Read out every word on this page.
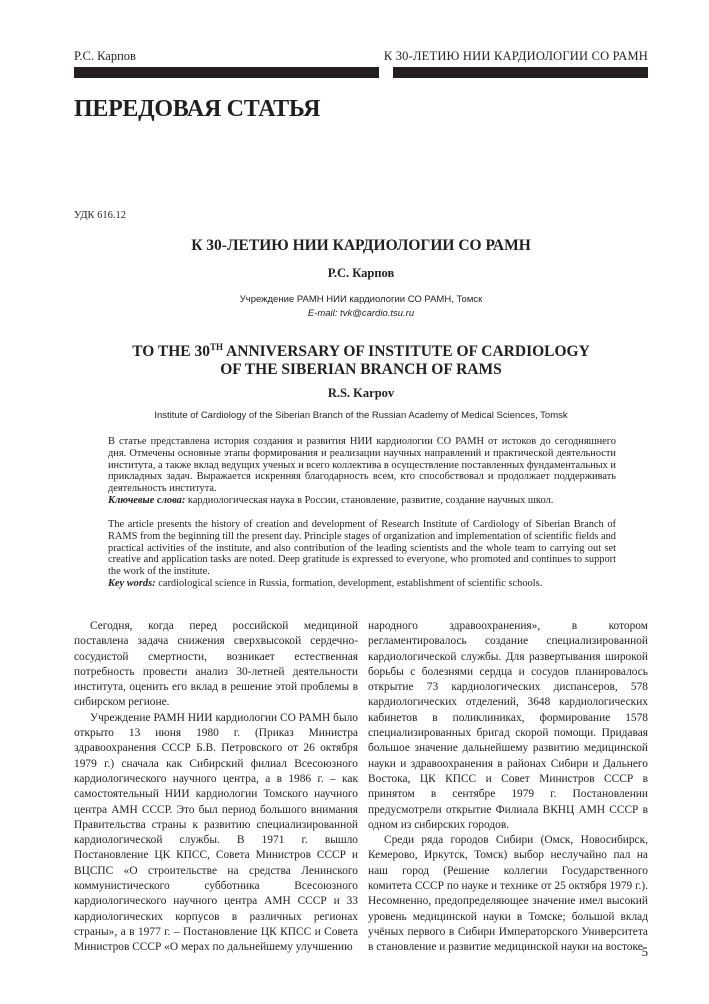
Р.С. Карпов	К 30-ЛЕТИЮ НИИ КАРДИОЛОГИИ СО РАМН
ПЕРЕДОВАЯ СТАТЬЯ
УДК 616.12
К 30-ЛЕТИЮ НИИ КАРДИОЛОГИИ СО РАМН
Р.С. Карпов
Учреждение РАМН НИИ кардиологии СО РАМН, Томск
E-mail: tvk@cardio.tsu.ru
TO THE 30TH ANNIVERSARY OF INSTITUTE OF CARDIOLOGY
OF THE SIBERIAN BRANCH OF RAMS
R.S. Karpov
Institute of Cardiology of the Siberian Branch of the Russian Academy of Medical Sciences, Tomsk
В статье представлена история создания и развития НИИ кардиологии СО РАМН от истоков до сегодняшнего дня. Отмечены основные этапы формирования и реализации научных направлений и практической деятельности института, а также вклад ведущих ученых и всего коллектива в осуществление поставленных фундаментальных и прикладных задач. Выражается искренняя благодарность всем, кто способствовал и продолжает поддерживать деятельность института.
Ключевые слова: кардиологическая наука в России, становление, развитие, создание научных школ.
The article presents the history of creation and development of Research Institute of Cardiology of Siberian Branch of RAMS from the beginning till the present day. Principle stages of organization and implementation of scientific fields and practical activities of the institute, and also contribution of the leading scientists and the whole team to carrying out set creative and application tasks are noted. Deep gratitude is expressed to everyone, who promoted and continues to support the work of the institute.
Key words: cardiological science in Russia, formation, development, establishment of scientific schools.

Сегодня, когда перед российской медициной поставлена задача снижения сверхвысокой сердечно-сосудистой смертности, возникает естественная потребность провести анализ 30-летней деятельности института, оценить его вклад в решение этой проблемы в сибирском регионе.

Учреждение РАМН НИИ кардиологии СО РАМН было открыто 13 июня 1980 г. (Приказ Министра здравоохранения СССР Б.В. Петровского от 26 октября 1979 г.) сначала как Сибирский филиал Всесоюзного кардиологического научного центра, а в 1986 г. – как самостоятельный НИИ кардиологии Томского научного центра АМН СССР. Это был период большого внимания Правительства страны к развитию специализированной кардиологической службы. В 1971 г. вышло Постановление ЦК КПСС, Совета Министров СССР и ВЦСПС «О строительстве на средства Ленинского коммунистического субботника Всесоюзного кардиологического научного центра АМН СССР и 33 кардиологических корпусов в различных регионах страны», а в 1977 г. – Постановление ЦК КПСС и Совета Министров СССР «О мерах по дальнейшему улучшению

народного здравоохранения», в котором регламентировалось создание специализированной кардиологической службы. Для развертывания широкой борьбы с болезнями сердца и сосудов планировалось открытие 73 кардиологических диспансеров, 578 кардиологических отделений, 3648 кардиологических кабинетов в поликлиниках, формирование 1578 специализированных бригад скорой помощи. Придавая большое значение дальнейшему развитию медицинской науки и здравоохранения в районах Сибири и Дальнего Востока, ЦК КПСС и Совет Министров СССР в принятом в сентябре 1979 г. Постановлении предусмотрели открытие Филиала ВКНЦ АМН СССР в одном из сибирских городов.

Среди ряда городов Сибири (Омск, Новосибирск, Кемерово, Иркутск, Томск) выбор неслучайно пал на наш город (Решение коллегии Государственного комитета СССР по науке и технике от 25 октября 1979 г.). Несомненно, предопределяющее значение имел высокий уровень медицинской науки в Томске; большой вклад учёных первого в Сибири Императорского Университета в становление и развитие медицинской науки на востоке

5
